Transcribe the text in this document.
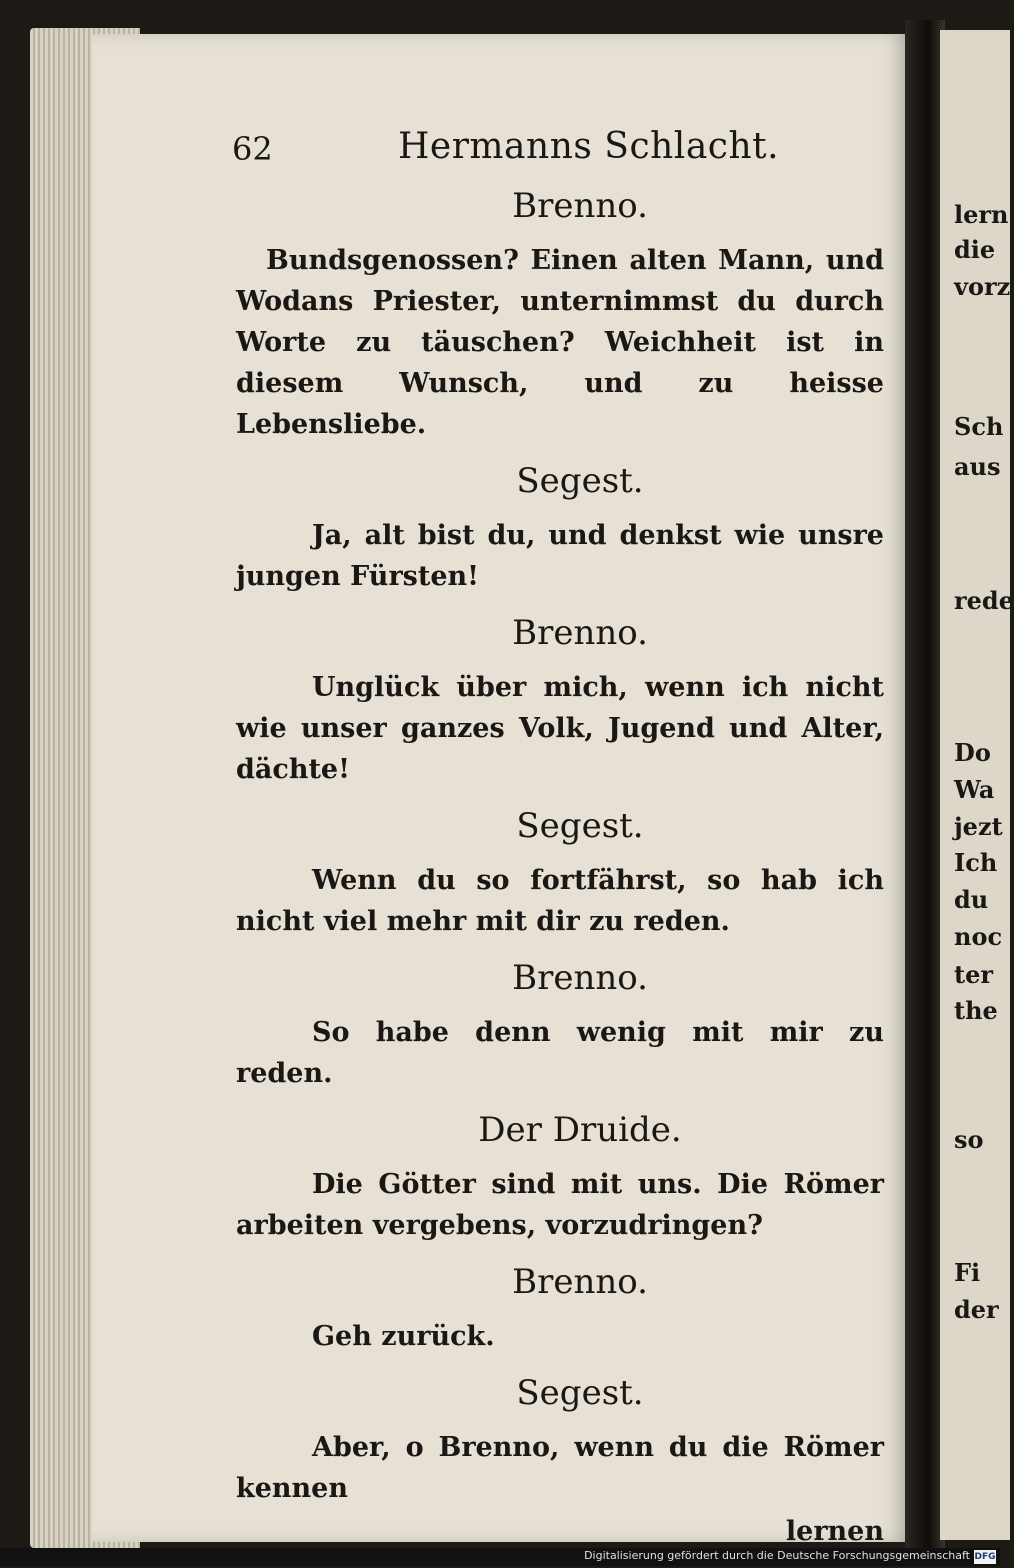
lern
die
vorz
Sch
aus
rede
Do
Wa
jezt
Ich
du
noc
ter
the
so
Fi
der
62	Hermanns Schlacht.
Brenno.

Bundsgenossen? Einen alten Mann, und Wodans Priester, unternimmst du durch Worte zu täuschen? Weichheit ist in diesem Wunsch, und zu heisse Lebensliebe.

Segest.

Ja, alt bist du, und denkst wie unsre jungen Fürsten!

Brenno.

Unglück über mich, wenn ich nicht wie unser ganzes Volk, Jugend und Alter, dächte!

Segest.

Wenn du so fortfährst, so hab ich nicht viel mehr mit dir zu reden.

Brenno.

So habe denn wenig mit mir zu reden.

Der Druide.

Die Götter sind mit uns. Die Römer arbeiten vergebens, vorzudringen?

Brenno.

Geh zurück.

Segest.

Aber, o Brenno, wenn du die Römer kennen

lernen

Digitalisierung gefördert durch die Deutsche Forschungsgemeinschaft DFG
